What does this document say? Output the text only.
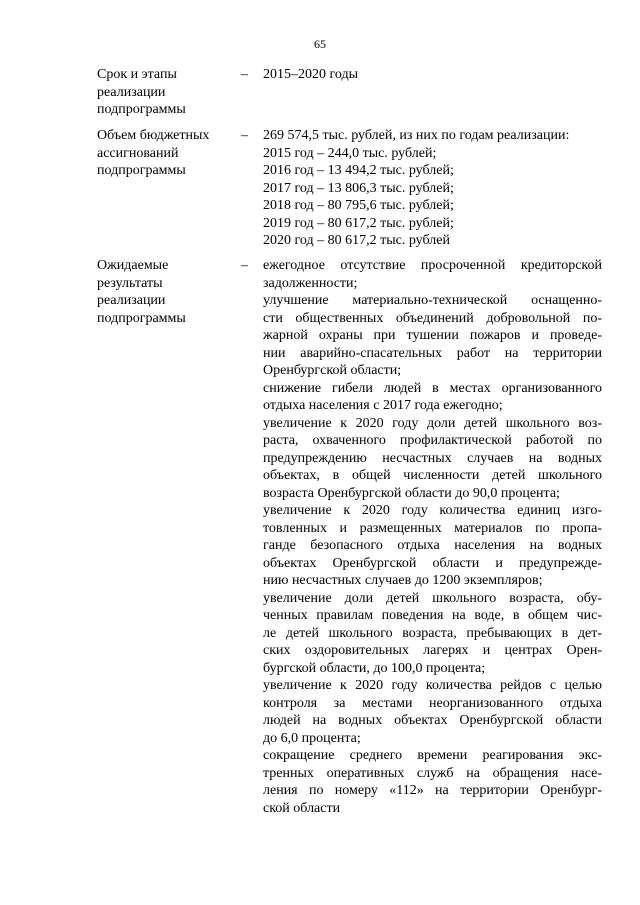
65
Срок и этапы
реализации
подпрограммы
–	2015–2020 годы
Объем бюджетных
ассигнований
подпрограммы
–	269 574,5 тыс. рублей, из них по годам реализации:
2015 год – 244,0 тыс. рублей;
2016 год – 13 494,2 тыс. рублей;
2017 год – 13 806,3 тыс. рублей;
2018 год – 80 795,6 тыс. рублей;
2019 год – 80 617,2 тыс. рублей;
2020 год – 80 617,2 тыс. рублей
Ожидаемые
результаты
реализации
подпрограммы
–	ежегодное отсутствие просроченной кредиторской
задолженности;
улучшение материально-технической оснащенно-
сти общественных объединений добровольной по-
жарной охраны при тушении пожаров и проведе-
нии аварийно-спасательных работ на территории
Оренбургской области;
снижение гибели людей в местах организованного
отдыха населения с 2017 года ежегодно;
увеличение к 2020 году доли детей школьного воз-
раста, охваченного профилактической работой по
предупреждению несчастных случаев на водных
объектах, в общей численности детей школьного
возраста Оренбургской области до 90,0 процента;
увеличение к 2020 году количества единиц изго-
товленных и размещенных материалов по пропа-
ганде безопасного отдыха населения на водных
объектах Оренбургской области и предупрежде-
нию несчастных случаев до 1200 экземпляров;
увеличение доли детей школьного возраста, обу-
ченных правилам поведения на воде, в общем чис-
ле детей школьного возраста, пребывающих в дет-
ских оздоровительных лагерях и центрах Орен-
бургской области, до 100,0 процента;
увеличение к 2020 году количества рейдов с целью
контроля за местами неорганизованного отдыха
людей на водных объектах Оренбургской области
до 6,0 процента;
сокращение среднего времени реагирования экс-
тренных оперативных служб на обращения насе-
ления по номеру «112» на территории Оренбург-
ской области
